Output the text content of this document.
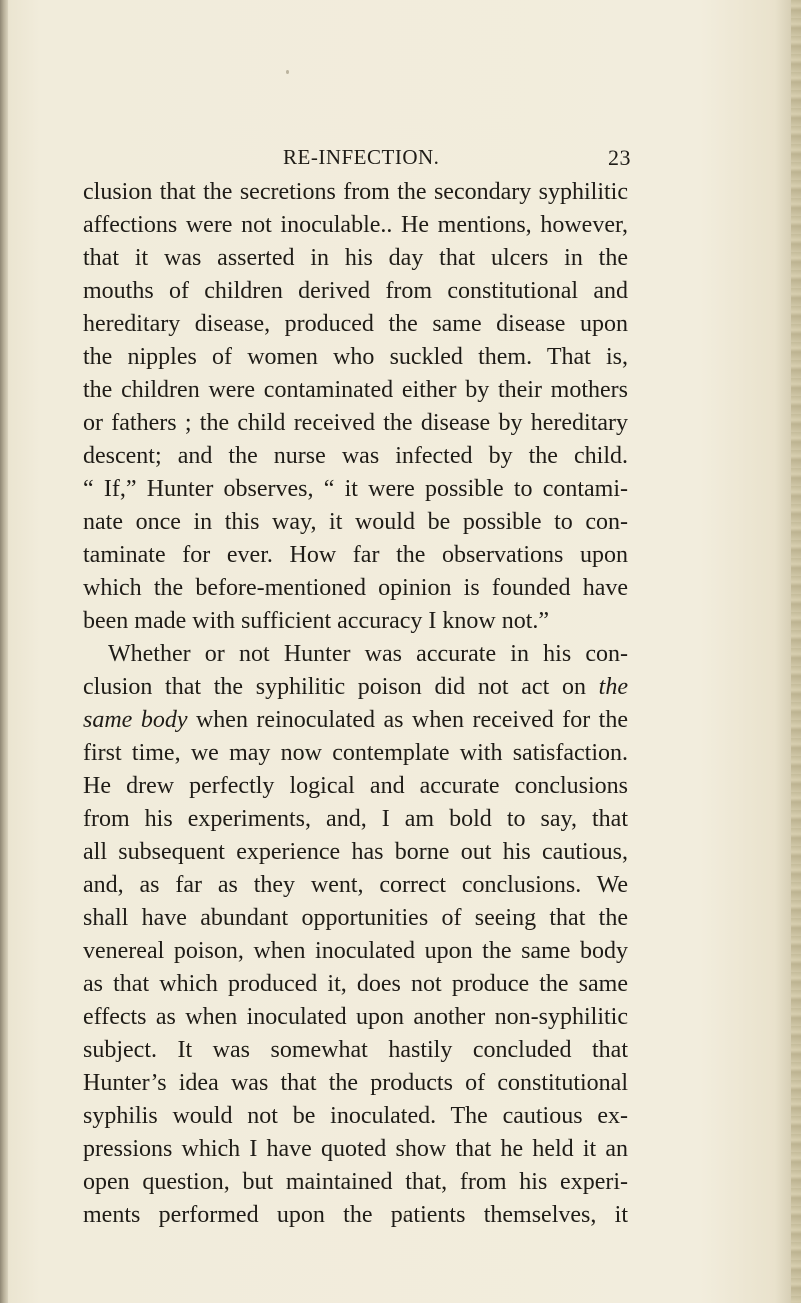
RE-INFECTION.	23
clusion that the secretions from the secondary syphilitic
affections were not inoculable.. He mentions, however,
that it was asserted in his day that ulcers in the
mouths of children derived from constitutional and
hereditary disease, produced the same disease upon
the nipples of women who suckled them. That is,
the children were contaminated either by their mothers
or fathers ; the child received the disease by hereditary
descent; and the nurse was infected by the child.
“ If,” Hunter observes, “ it were possible to contami-
nate once in this way, it would be possible to con-
taminate for ever. How far the observations upon
which the before-mentioned opinion is founded have
been made with sufficient accuracy I know not.”
Whether or not Hunter was accurate in his con-
clusion that the syphilitic poison did not act on the
same body when reinoculated as when received for the
first time, we may now contemplate with satisfaction.
He drew perfectly logical and accurate conclusions
from his experiments, and, I am bold to say, that
all subsequent experience has borne out his cautious,
and, as far as they went, correct conclusions. We
shall have abundant opportunities of seeing that the
venereal poison, when inoculated upon the same body
as that which produced it, does not produce the same
effects as when inoculated upon another non-syphilitic
subject. It was somewhat hastily concluded that
Hunter’s idea was that the products of constitutional
syphilis would not be inoculated. The cautious ex-
pressions which I have quoted show that he held it an
open question, but maintained that, from his experi-
ments performed upon the patients themselves, it
